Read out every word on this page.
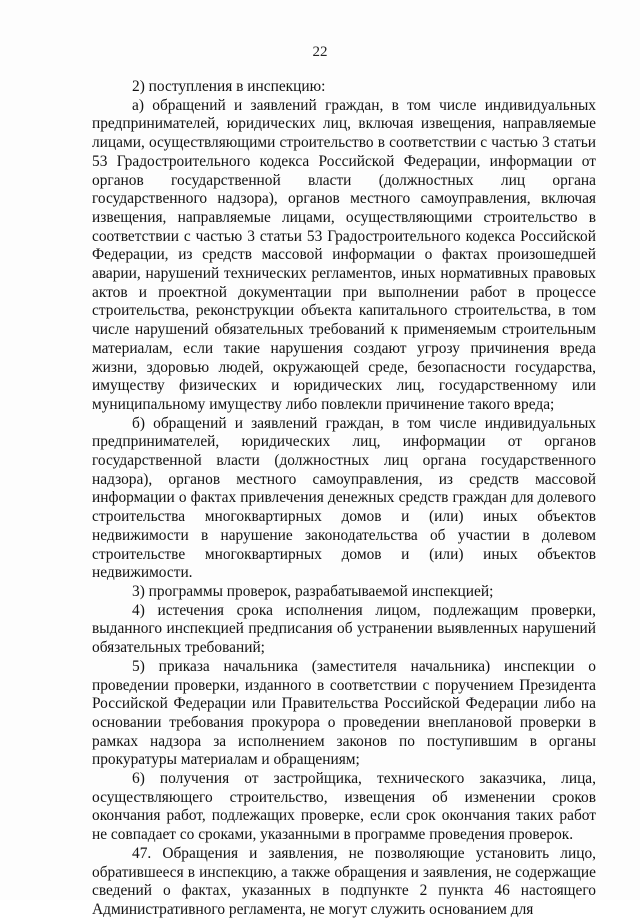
22

2) поступления в инспекцию:

а) обращений и заявлений граждан, в том числе индивидуальных предпринимателей, юридических лиц, включая извещения, направляемые лицами, осуществляющими строительство в соответствии с частью 3 статьи 53 Градостроительного кодекса Российской Федерации, информации от органов государственной власти (должностных лиц органа государственного надзора), органов местного самоуправления, включая извещения, направляемые лицами, осуществляющими строительство в соответствии с частью 3 статьи 53 Градостроительного кодекса Российской Федерации, из средств массовой информации о фактах произошедшей аварии, нарушений технических регламентов, иных нормативных правовых актов и проектной документации при выполнении работ в процессе строительства, реконструкции объекта капитального строительства, в том числе нарушений обязательных требований к применяемым строительным материалам, если такие нарушения создают угрозу причинения вреда жизни, здоровью людей, окружающей среде, безопасности государства, имуществу физических и юридических лиц, государственному или муниципальному имуществу либо повлекли причинение такого вреда;

б) обращений и заявлений граждан, в том числе индивидуальных предпринимателей, юридических лиц, информации от органов государственной власти (должностных лиц органа государственного надзора), органов местного самоуправления, из средств массовой информации о фактах привлечения денежных средств граждан для долевого строительства многоквартирных домов и (или) иных объектов недвижимости в нарушение законодательства об участии в долевом строительстве многоквартирных домов и (или) иных объектов недвижимости.

3) программы проверок, разрабатываемой инспекцией;

4) истечения срока исполнения лицом, подлежащим проверки, выданного инспекцией предписания об устранении выявленных нарушений обязательных требований;

5) приказа начальника (заместителя начальника) инспекции о проведении проверки, изданного в соответствии с поручением Президента Российской Федерации или Правительства Российской Федерации либо на основании требования прокурора о проведении внеплановой проверки в рамках надзора за исполнением законов по поступившим в органы прокуратуры материалам и обращениям;

6) получения от застройщика, технического заказчика, лица, осуществляющего строительство, извещения об изменении сроков окончания работ, подлежащих проверке, если срок окончания таких работ не совпадает со сроками, указанными в программе проведения проверок.

47. Обращения и заявления, не позволяющие установить лицо, обратившееся в инспекцию, а также обращения и заявления, не содержащие сведений о фактах, указанных в подпункте 2 пункта 46 настоящего Административного регламента, не могут служить основанием для
